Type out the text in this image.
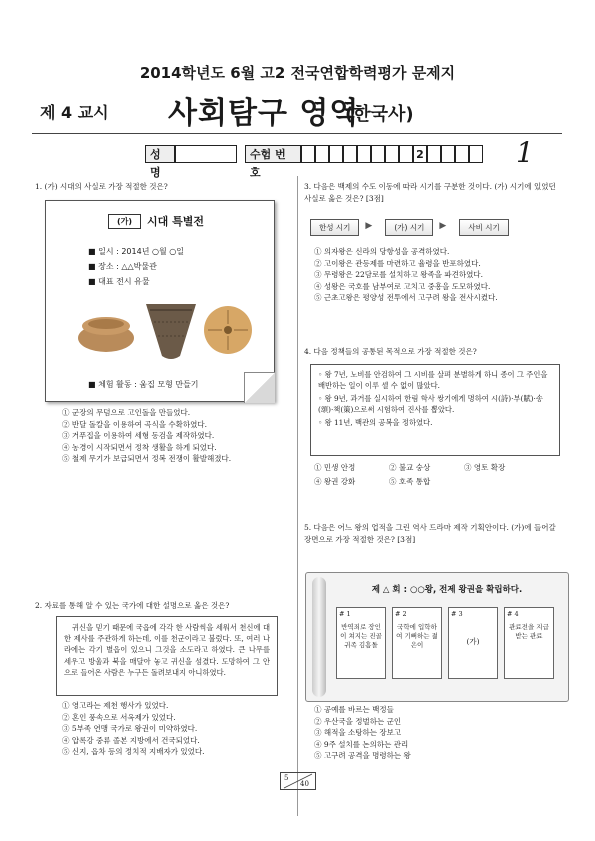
2014학년도 6월 고2 전국연합학력평가 문제지
제 4 교시 사회탐구 영역
(한국사)
성명
수험 번호
2	1
1. (가) 시대의 사실로 가장 적절한 것은?
(가)	시대 특별전
■ 일시 : 2014년 ○월 ○일
■ 장소 : △△박물관
■ 대표 전시 유물
■ 체험 활동 : 움집 모형 만들기
① 군장의 무덤으로 고인돌을 만들었다.
② 반달 돌칼을 이용하여 곡식을 수확하였다.
③ 거푸집을 이용하여 세형 동검을 제작하였다.
④ 농경이 시작되면서 정착 생활을 하게 되었다.
⑤ 철제 무기가 보급되면서 정복 전쟁이 활발해졌다.
2. 자료를 통해 알 수 있는 국가에 대한 설명으로 옳은 것은?
귀신을 믿기 때문에 국읍에 각각 한 사람씩을 세워서 천신에 대한 제사를 주관하게 하는데, 이를 천군이라고 불렀다. 또, 여러 나라에는 각기 별읍이 있으니 그것을 소도라고 하였다. 큰 나무를 세우고 방울과 북을 매달아 놓고 귀신을 섬겼다. 도망하여 그 안으로 들어온 사람은 누구든 돌려보내지 아니하였다.
① 영고라는 제천 행사가 있었다.
② 혼인 풍속으로 서옥제가 있었다.
③ 5부족 연맹 국가로 왕권이 미약하였다.
④ 압록강 중류 졸본 지방에서 건국되었다.
⑤ 신지, 읍차 등의 정치적 지배자가 있었다.
3. 다음은 백제의 수도 이동에 따라 시기를 구분한 것이다. (가) 시기에 있었던 사실로 옳은 것은? [3점]
한성 시기	▶	(가) 시기	▶	사비 시기
① 의자왕은 신라의 당항성을 공격하였다.
② 고이왕은 관등제를 마련하고 율령을 반포하였다.
③ 무령왕은 22담로를 설치하고 왕족을 파견하였다.
④ 성왕은 국호를 남부여로 고치고 중흥을 도모하였다.
⑤ 근초고왕은 평양성 전투에서 고구려 왕을 전사시켰다.
4. 다음 정책들의 공통된 목적으로 가장 적절한 것은?
◦ 왕 7년, 노비를 안검하여 그 시비를 살펴 분별하게 하니 종이 그 주인을 배반하는 일이 이루 셀 수 없이 많았다.
◦ 왕 9년, 과거를 실시하여 한림 학사 쌍기에게 명하여 시(詩)·부(賦)·송(頌)·책(策)으로써 시험하여 진사를 뽑았다.
◦ 왕 11년, 백관의 공복을 정하였다.
① 민생 안정	② 불교 숭상	③ 영토 확장
④ 왕권 강화	⑤ 호족 통합
5. 다음은 어느 왕의 업적을 그린 역사 드라마 제작 기획안이다. (가)에 들어갈 장면으로 가장 적절한 것은? [3점]
제 △ 회 : ○○왕, 전제 왕권을 확립하다.
# 1
반역죄로 장인이 쳐지는 진골 귀족 김흠돌
# 2
국학에 입학하여 기뻐하는 젊은이
# 3
(가)
# 4
관료전을 지급 받는 관료
① 공예를 바르는 백정들
② 우산국을 정벌하는 군인
③ 해적을 소탕하는 장보고
④ 9주 설치를 논의하는 관리
⑤ 고구려 공격을 명령하는 왕
5
40
